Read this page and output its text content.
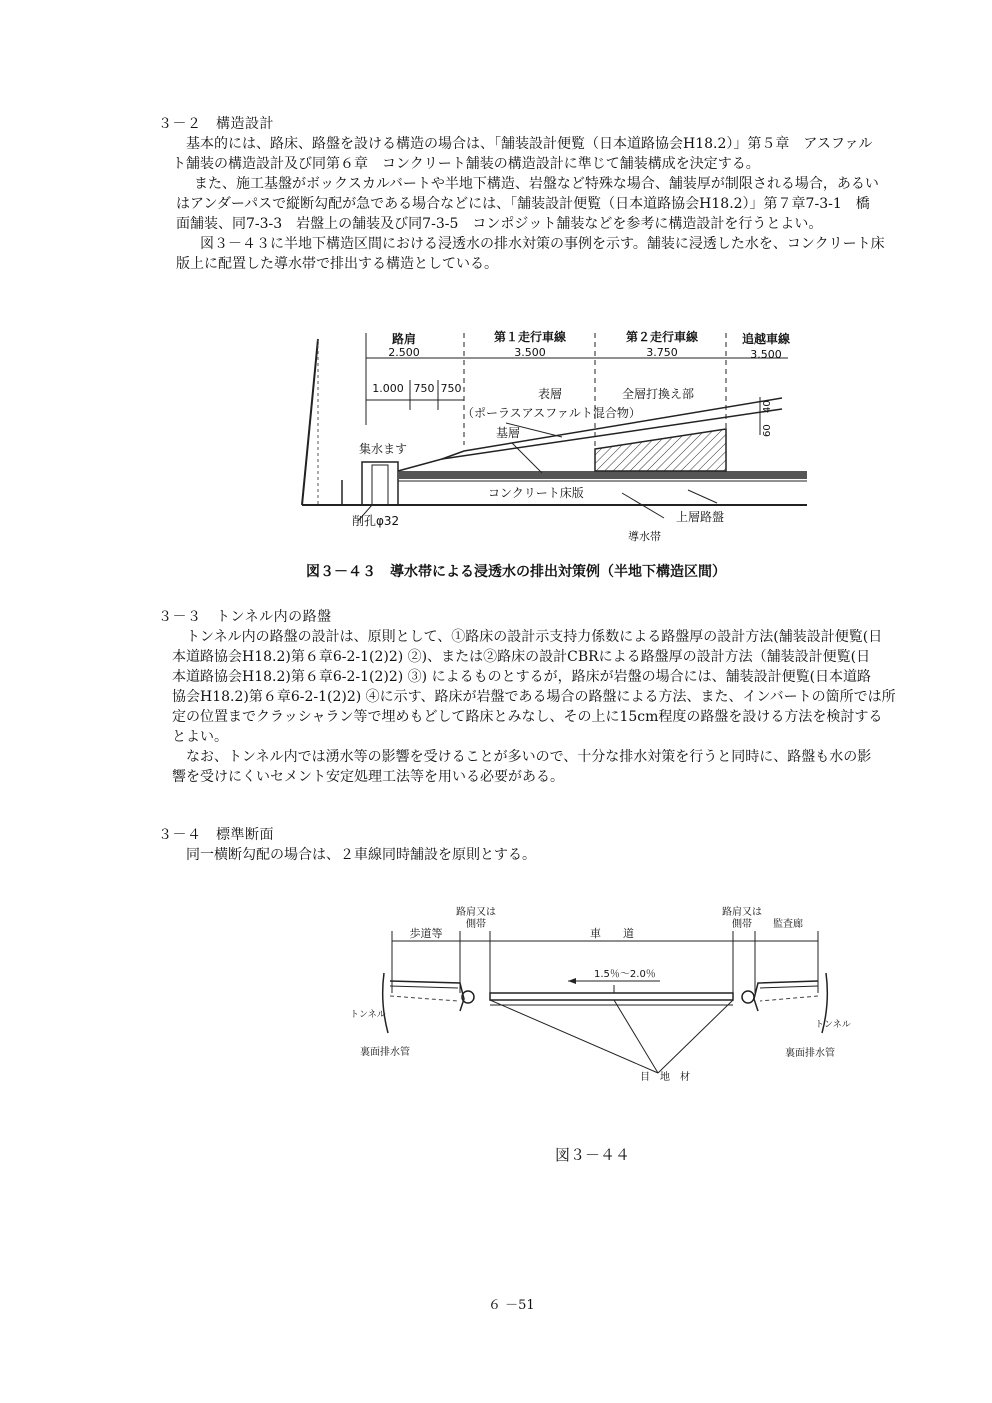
３－２　構造設計
基本的には、路床、路盤を設ける構造の場合は、「舗装設計便覧（日本道路協会H18.2）」第５章　アスファル
ト舗装の構造設計及び同第６章　コンクリート舗装の構造設計に準じて舗装構成を決定する。
また、施工基盤がボックスカルバートや半地下構造、岩盤など特殊な場合、舗装厚が制限される場合，あるい
はアンダーパスで縦断勾配が急である場合などには、「舗装設計便覧（日本道路協会H18.2）」第７章7-3-1　橋
面舗装、同7-3-3　岩盤上の舗装及び同7-3-5　コンポジット舗装などを参考に構造設計を行うとよい。
図３－４３に半地下構造区間における浸透水の排水対策の事例を示す。舗装に浸透した水を、コンクリート床
版上に配置した導水帯で排出する構造としている。
路肩
2.500
第１走行車線
3.500
第２走行車線
3.750
追越車線
3.500
1.000 750 750	表層
（ポーラスアスファルト混合物）
基層
全層打換え部
集水ます
コンクリート床版
上層路盤
導水帯
削孔φ32
60
40
図３－４３　導水帯による浸透水の排出対策例（半地下構造区間）
３－３　トンネル内の路盤
トンネル内の路盤の設計は、原則として、①路床の設計示支持力係数による路盤厚の設計方法(舗装設計便覧(日
本道路協会H18.2)第６章6-2-1(2)2) ②)、または②路床の設計CBRによる路盤厚の設計方法（舗装設計便覧(日
本道路協会H18.2)第６章6-2-1(2)2) ③) によるものとするが，路床が岩盤の場合には、舗装設計便覧(日本道路
協会H18.2)第６章6-2-1(2)2) ④に示す、路床が岩盤である場合の路盤による方法、また、インバートの箇所では所
定の位置までクラッシャラン等で埋めもどして路床とみなし、その上に15cm程度の路盤を設ける方法を検討する
とよい。
なお、トンネル内では湧水等の影響を受けることが多いので、十分な排水対策を行うと同時に、路盤も水の影
響を受けにくいセメント安定処理工法等を用いる必要がある。
３－４　標準断面
同一横断勾配の場合は、２車線同時舗設を原則とする。
歩道等
路肩又は
側帯
車　　道
路肩又は
側帯 監査廊
1.5％～2.0％
トンネル
トンネル
裏面排水管	裏面排水管
目　地　材
図３－４４
６ －51
